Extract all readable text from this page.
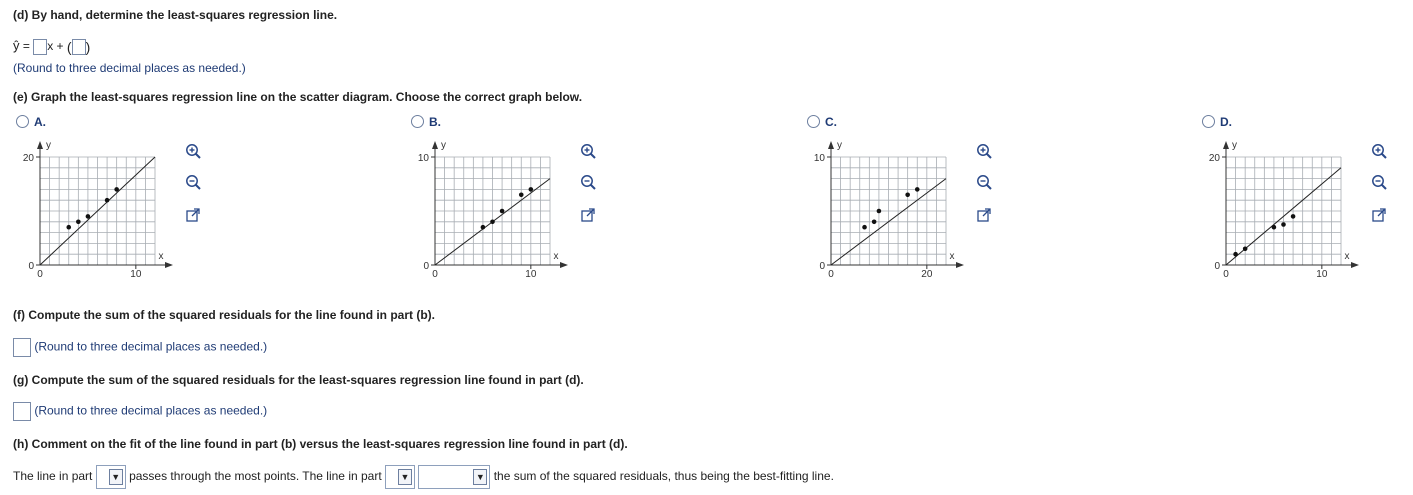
(d) By hand, determine the least-squares regression line.
ŷ = x + ( )
(Round to three decimal places as needed.)
(e) Graph the least-squares regression line on the scatter diagram. Choose the correct graph below.
A.
20
0
0	10
y
x
B.
10
0
0	10
y
x
C.
10
0
0	20
y
x
D.
20
0
0	10
y
x
(f) Compute the sum of the squared residuals for the line found in part (b).
(Round to three decimal places as needed.)
(g) Compute the sum of the squared residuals for the least-squares regression line found in part (d).
(Round to three decimal places as needed.)
(h) Comment on the fit of the line found in part (b) versus the least-squares regression line found in part (d).
The line in part ▼ passes through the most points. The line in part ▼
	▼ the sum of the squared residuals, thus being the best-fitting line.
